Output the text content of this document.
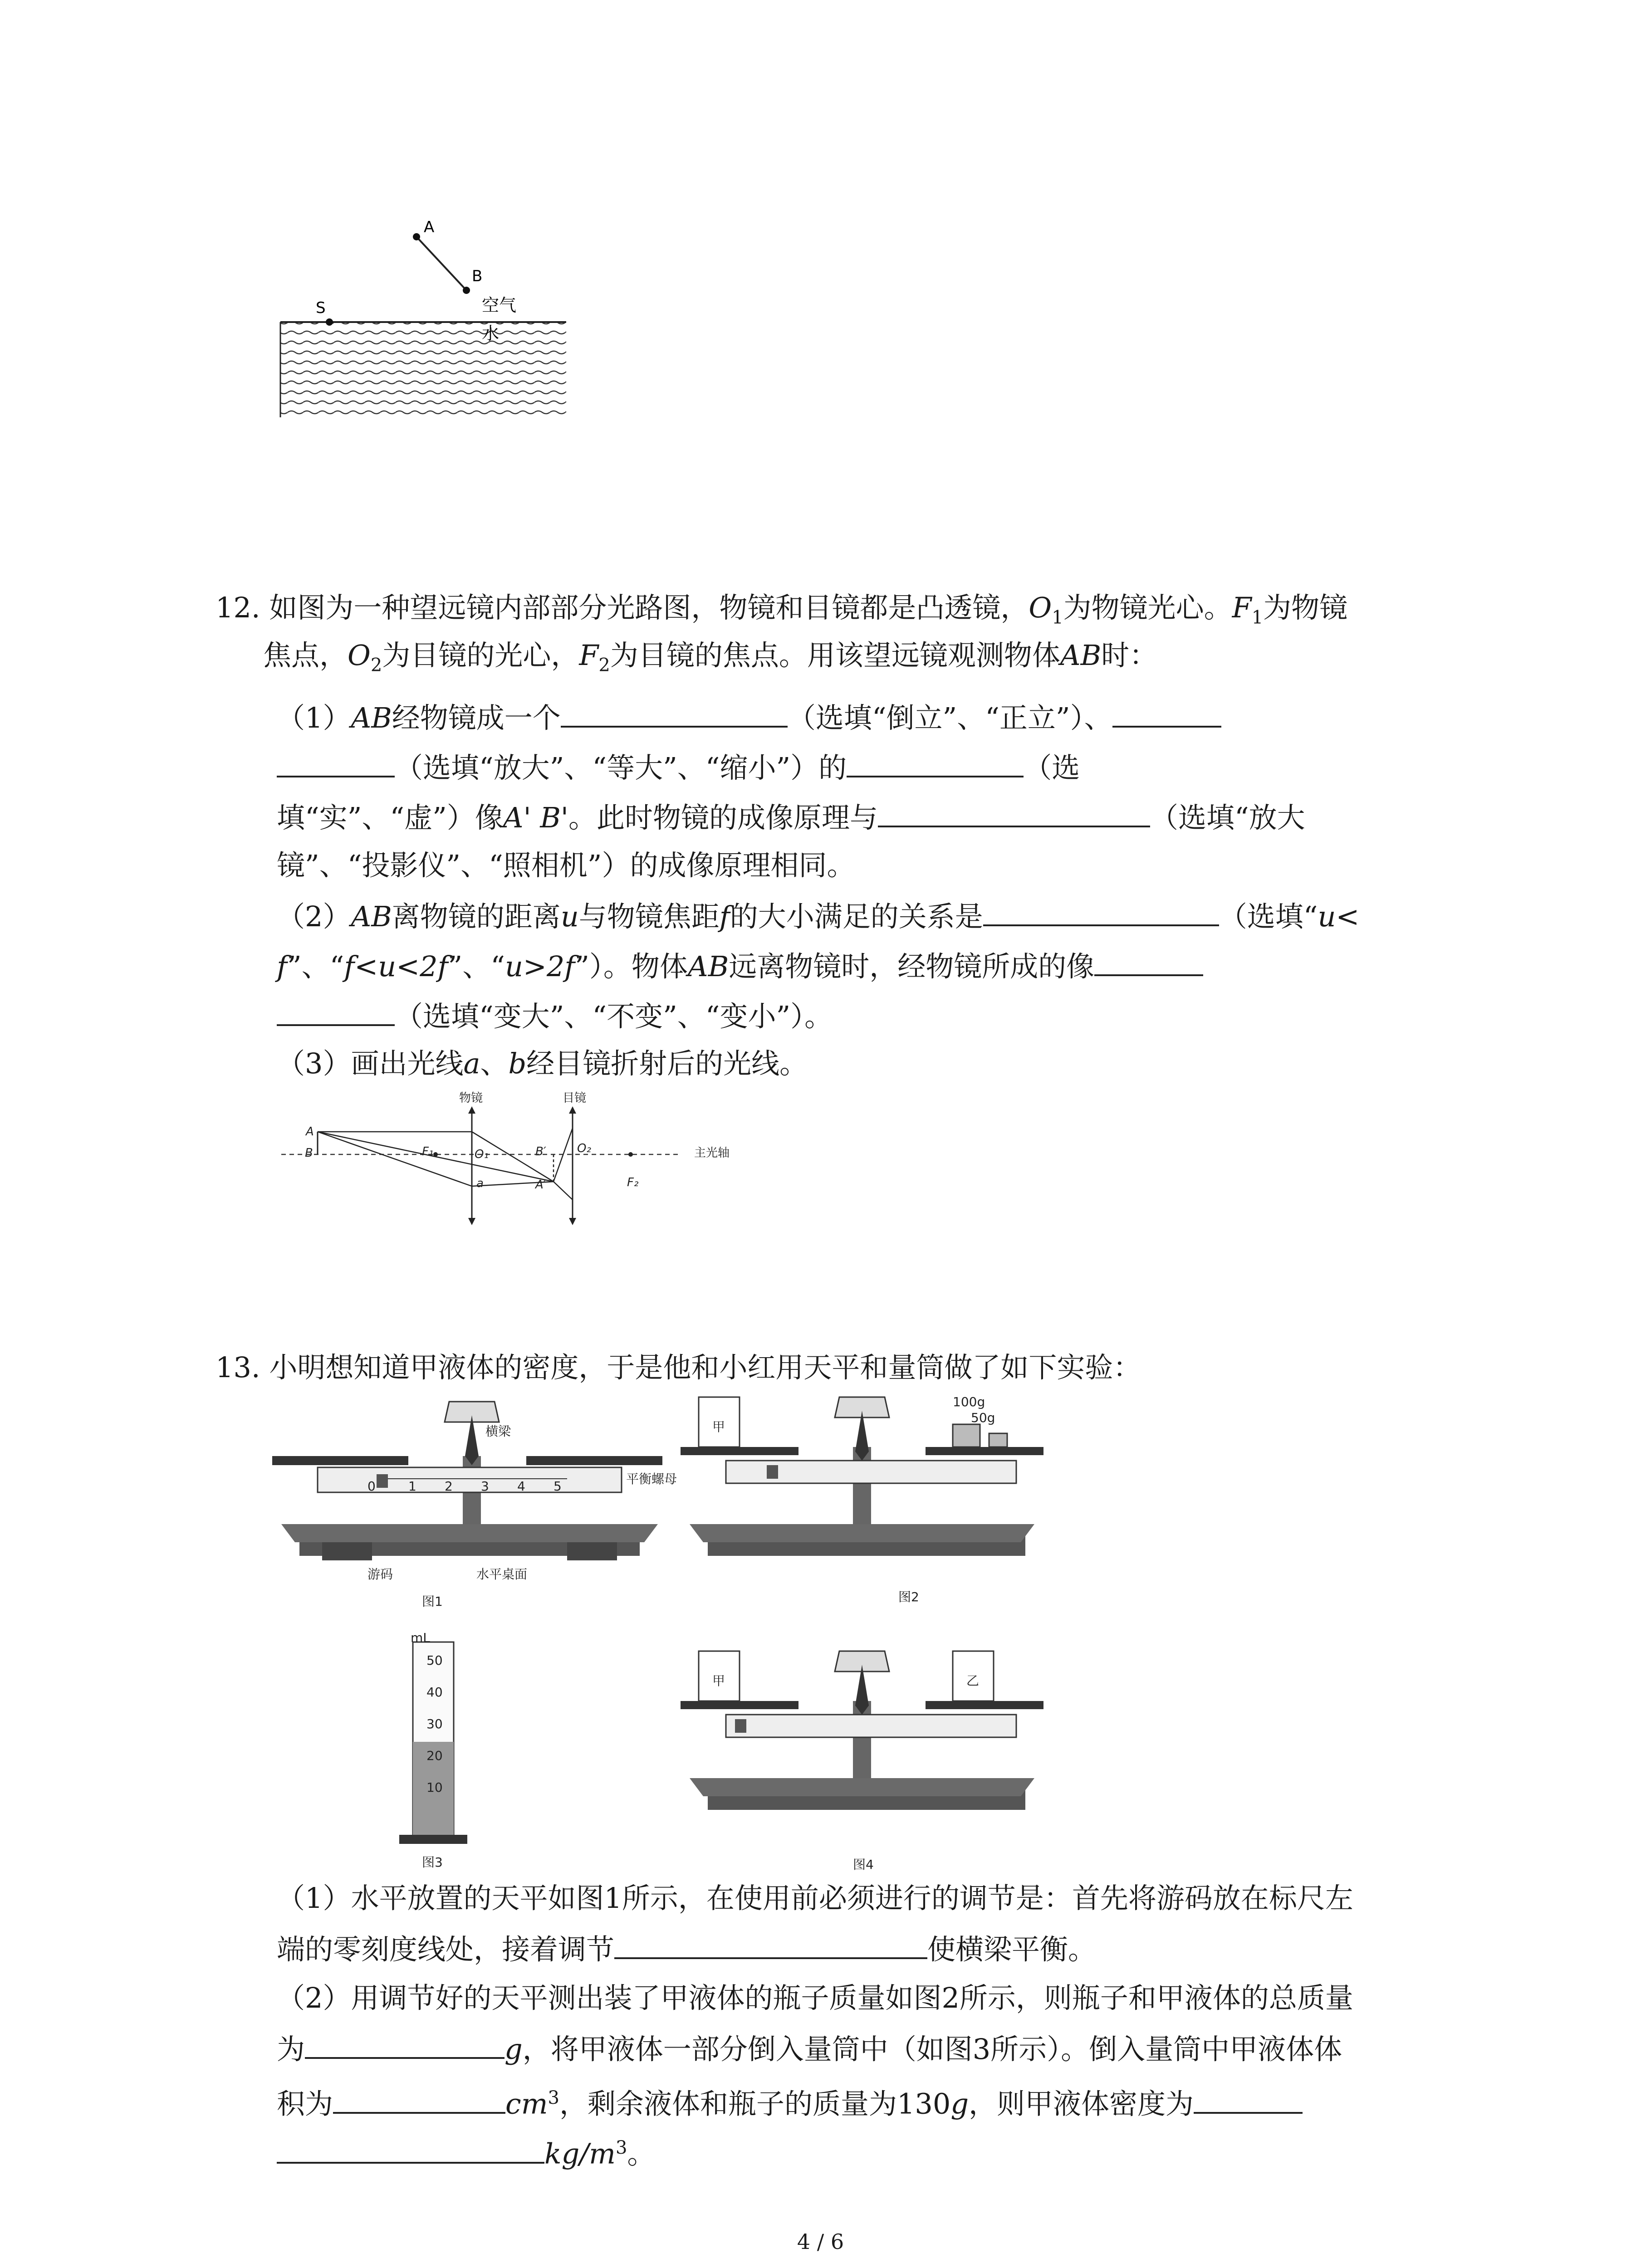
A
B
S	空气
水
12. 如图为一种望远镜内部部分光路图，物镜和目镜都是凸透镜，$O_1$为物镜光心。$F_1$为物镜
焦点，$O_2$为目镜的光心，$F_2$为目镜的焦点。用该望远镜观测物体AB时：
（1）AB经物镜成一个	（选填“倒立”、“正立”）、
（选填“放大”、“等大”、“缩小”）的	（选
填“实”、“虚”）像A' B'。此时物镜的成像原理与	（选填“放大
镜”、“投影仪”、“照相机”）的成像原理相同。
（2）AB离物镜的距离u与物镜焦距f的大小满足的关系是	（选填“u<
f”、“f<u<2f”、“u>2f”）。物体AB远离物镜时，经物镜所成的像
（选填“变大”、“不变”、“变小”）。
（3）画出光线a、b经目镜折射后的光线。
物镜	目镜
主光轴
A
B	F₁	O₁	B′
A′
O₂
F₂
a
13. 小明想知道甲液体的密度，于是他和小红用天平和量筒做了如下实验：
0	1 2 3 4 5
横梁
平衡螺母
游码	水平桌面
图1
甲
100g
50g
图2
mL
50
40
30
20
10
图3
甲	乙
图4
（1）水平放置的天平如图1所示，在使用前必须进行的调节是：首先将游码放在标尺左
端的零刻度线处，接着调节	使横梁平衡。
（2）用调节好的天平测出装了甲液体的瓶子质量如图2所示，则瓶子和甲液体的总质量
为	g，将甲液体一部分倒入量筒中（如图3所示）。倒入量筒中甲液体体
积为	$cm^3$，剩余液体和瓶子的质量为130g，则甲液体密度为
$kg/m^3$。
4 / 6
